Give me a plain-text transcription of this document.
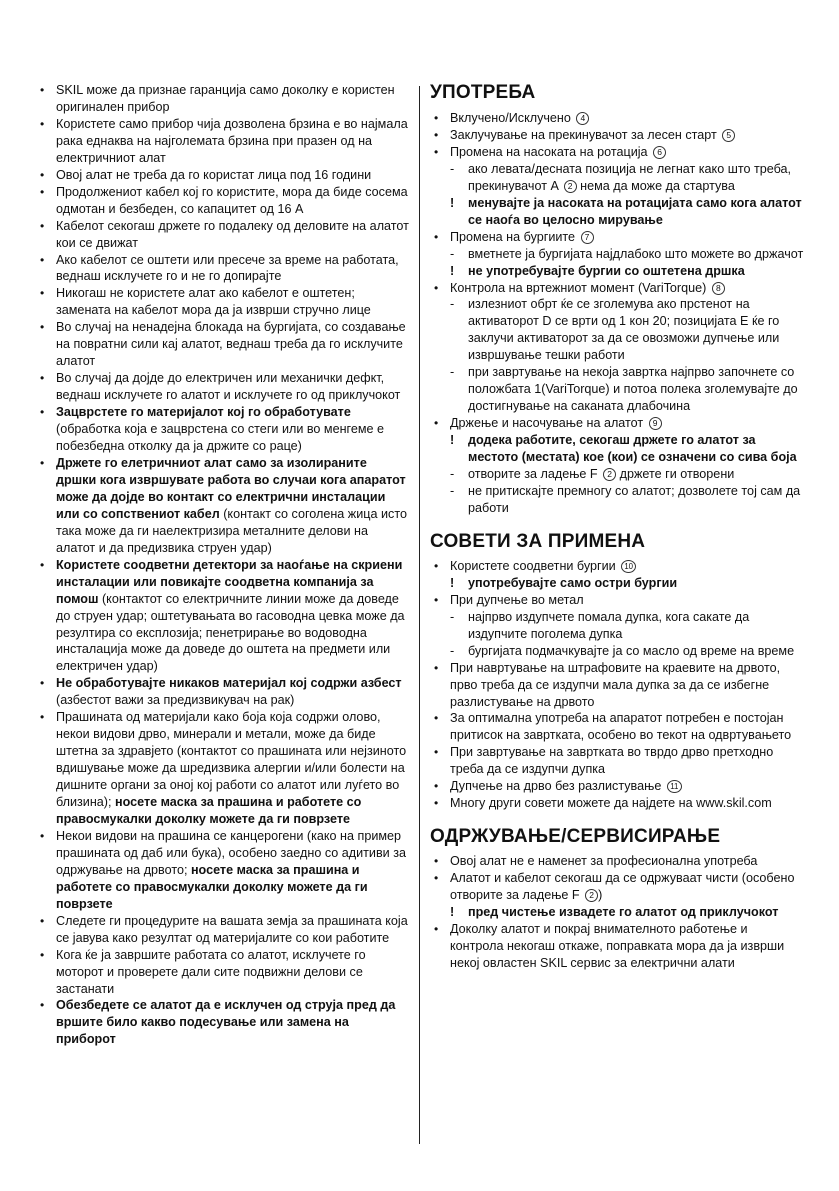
• SKIL може да признае гаранција само доколку е користен оригинален прибор
• Користете само прибор чија дозволена брзина е во најмала рака еднаква на најголемата брзина при празен од на електричниот алат
• Овој алат не треба да го користат лица под 16 години
• Продолжениот кабел кој го користите, мора да биде сосема одмотан и безбеден, со капацитет од 16 A
• Кабелот секогаш држете го подалеку од деловите на алатот кои се движат
• Ако кабелот се оштети или пресече за време на работата, веднаш исклучете го и не го допирајте
• Никогаш не користете алат ако кабелот е оштетен; замената на кабелот мора да ја изврши стручно лице
• Во случај на ненадејна блокада на бургијата, со создавање на повратни сили кај алатот, веднаш треба да го исклучите алатот
• Во случај да дојде до електричен или механички дефкт, веднаш исклучете го алатот и исклучете го од приклучокот
• Зацврстете го материјалот кој го обработувате (обработка која е зацврстена со стеги или во менгеме е побезбедна отколку да ја држите со раце)
• Држете го елетричниот алат само за изолираните дршки кога извршувате работа во случаи кога апаратот може да дојде во контакт со електрични инсталации или со сопствениот кабел (контакт со соголена жица исто така може да ги наелектризира металните делови на алатот и да предизвика струен удар)
• Користете соодветни детектори за наоѓање на скриени инсталации или повикајте соодветна компанија за помош (контактот со електричните линии може да доведе до струен удар; оштетувањата во гасоводна цевка може да резултира со експлозија; пенетрирање во водоводна инсталација може да доведе до оштета на предмети или електричен удар)
• Не обработувајте никаков материјал кој содржи азбест (азбестот важи за предизвикувач на рак)
• Прашината од материјали како боја која содржи олово, некои видови дрво, минерали и метали, може да биде штетна за здравјето (контактот со прашината или нејзиното вдишување може да шредизвика алергии и/или болести на дишните органи за оној кој работи со алатот или луѓето во близина); носете маска за прашина и работете со правосмукалки доколку можете да ги поврзете
• Некои видови на прашина се канцерогени (како на пример прашината од даб или бука), особено заедно со адитиви за одржување на дрвото; носете маска за прашина и работете со правосмукалки доколку можете да ги поврзете
• Следете ги процедурите на вашата земја за прашината која се јавува како резултат од материјалите со кои работите
• Кога ќе ја завршите работата со алатот, исклучете го моторот и проверете дали сите подвижни делови се застанати
• Обезбедете се алатот да е исклучен од струја пред да вршите било какво подесување или замена на приборот
УПОТРЕБА
• Вклучено/Исклучено 4
• Заклучување на прекинувачот за лесен старт 5
• Промена на насоката на ротација 6
- ако левата/десната позиција не легнат како што треба, прекинувачот A 2 нема да може да стартува
! менувајте ја насоката на ротацијата само кога алатот се наоѓа во целосно мирување
• Промена на бургиите 7
- вметнете ја бургијата најдлабоко што можете во држачот
! не употребувајте бургии со оштетена дршка
• Контрола на вртежниот момент (VariTorque) 8
- излезниот обрт ќе се зголемува ако прстенот на активаторот D се врти од 1 кон 20; позицијата E ќе го заклучи активаторот за да се овозможи дупчење или извршување тешки работи
- при завртување на некоја завртка најпрво започнете со положбата 1(VariTorque) и потоа полека зголемувајте до достигнување на саканата длабочина
• Држење и насочување на алатот 9
! додека работите, секогаш држете го алатот за местото (местата) кое (кои) се означени со сива боја
- отворите за ладење F 2 држете ги отворени
- не притискајте премногу со алатот; дозволете тој сам да работи
СОВЕТИ ЗА ПРИМЕНА
• Користете соодветни бургии 10
! употребувајте само остри бургии
• При дупчење во метал
- најпрво издупчете помала дупка, кога сакате да издупчите поголема дупка
- бургијата подмачкувајте ја со масло од време на време
• При навртување на штрафовите на краевите на дрвото, прво треба да се издупчи мала дупка за да се избегне разлистување на дрвото
• За оптимална употреба на апаратот потребен е постојан притисок на завртката, особено во текот на одвртувањето
• При завртување на завртката во тврдо дрво претходно треба да се издупчи дупка
• Дупчење на дрво без разлистување 11
• Многу други совети можете да најдете на www.skil.com
ОДРЖУВАЊЕ/СЕРВИСИРАЊЕ
• Овој алат не е наменет за професионална употреба
• Алатот и кабелот секогаш да се одржуваат чисти (особено отворите за ладење F 2 )
! пред чистење извадете го алатот од приклучокот
• Доколку алатот и покрај внимателното работење и контрола некогаш откаже, поправката мора да ја изврши некој овластен SKIL сервис за електрични алати
